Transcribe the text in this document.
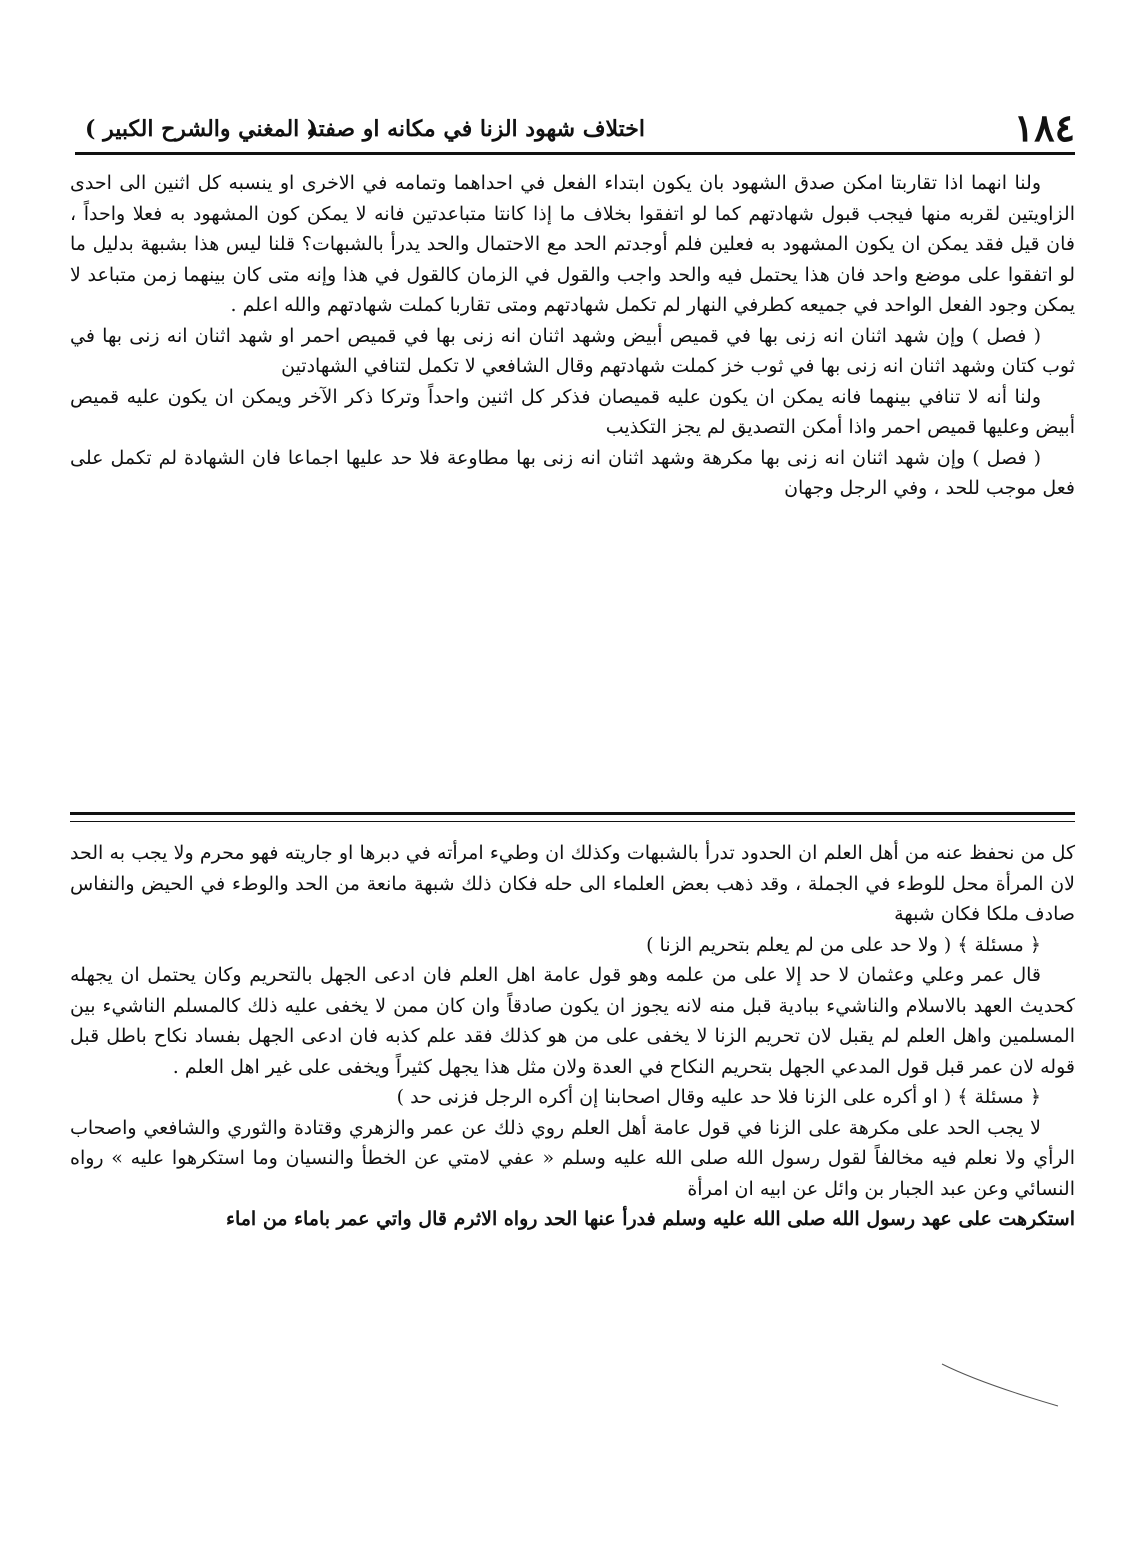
١٨٤
اختلاف شهود الزنا في مكانه او صفته
( المغني والشرح الكبير )

ولنا انهما اذا تقاربتا امكن صدق الشهود بان يكون ابتداء الفعل في احداهما وتمامه في الاخرى او ينسبه كل اثنين الى احدى الزاويتين لقربه منها فيجب قبول شهادتهم كما لو اتفقوا بخلاف ما إذا كانتا متباعدتين فانه لا يمكن كون المشهود به فعلا واحداً ، فان قيل فقد يمكن ان يكون المشهود به فعلين فلم أوجدتم الحد مع الاحتمال والحد يدرأ بالشبهات؟ قلنا ليس هذا بشبهة بدليل ما لو اتفقوا على موضع واحد فان هذا يحتمل فيه والحد واجب والقول في الزمان كالقول في هذا وإنه متى كان بينهما زمن متباعد لا يمكن وجود الفعل الواحد في جميعه كطرفي النهار لم تكمل شهادتهم ومتى تقاربا كملت شهادتهم والله اعلم .

( فصل ) وإن شهد اثنان انه زنى بها في قميص أبيض وشهد اثنان انه زنى بها في قميص احمر او شهد اثنان انه زنى بها في ثوب كتان وشهد اثنان انه زنى بها في ثوب خز كملت شهادتهم وقال الشافعي لا تكمل لتنافي الشهادتين

ولنا أنه لا تنافي بينهما فانه يمكن ان يكون عليه قميصان فذكر كل اثنين واحداً وتركا ذكر الآخر ويمكن ان يكون عليه قميص أبيض وعليها قميص احمر واذا أمكن التصديق لم يجز التكذيب

( فصل ) وإن شهد اثنان انه زنى بها مكرهة وشهد اثنان انه زنى بها مطاوعة فلا حد عليها اجماعا فان الشهادة لم تكمل على فعل موجب للحد ، وفي الرجل وجهان

كل من نحفظ عنه من أهل العلم ان الحدود تدرأ بالشبهات وكذلك ان وطيء امرأته في دبرها او جاريته فهو محرم ولا يجب به الحد لان المرأة محل للوطء في الجملة ، وقد ذهب بعض العلماء الى حله فكان ذلك شبهة مانعة من الحد والوطء في الحيض والنفاس صادف ملكا فكان شبهة

﴿ مسئلة ﴾ ( ولا حد على من لم يعلم بتحريم الزنا )

قال عمر وعلي وعثمان لا حد إلا على من علمه وهو قول عامة اهل العلم فان ادعى الجهل بالتحريم وكان يحتمل ان يجهله كحديث العهد بالاسلام والناشيء ببادية قبل منه لانه يجوز ان يكون صادقاً وان كان ممن لا يخفى عليه ذلك كالمسلم الناشيء بين المسلمين واهل العلم لم يقبل لان تحريم الزنا لا يخفى على من هو كذلك فقد علم كذبه فان ادعى الجهل بفساد نكاح باطل قبل قوله لان عمر قبل قول المدعي الجهل بتحريم النكاح في العدة ولان مثل هذا يجهل كثيراً ويخفى على غير اهل العلم .

﴿ مسئلة ﴾ ( او أكره على الزنا فلا حد عليه وقال اصحابنا إن أكره الرجل فزنى حد )

لا يجب الحد على مكرهة على الزنا في قول عامة أهل العلم روي ذلك عن عمر والزهري وقتادة والثوري والشافعي واصحاب الرأي ولا نعلم فيه مخالفاً لقول رسول الله صلى الله عليه وسلم « عفي لامتي عن الخطأ والنسيان وما استكرهوا عليه » رواه النسائي وعن عبد الجبار بن وائل عن ابيه ان امرأة

استكرهت على عهد رسول الله صلى الله عليه وسلم فدرأ عنها الحد رواه الاثرم قال واتي عمر باماء من اماء
